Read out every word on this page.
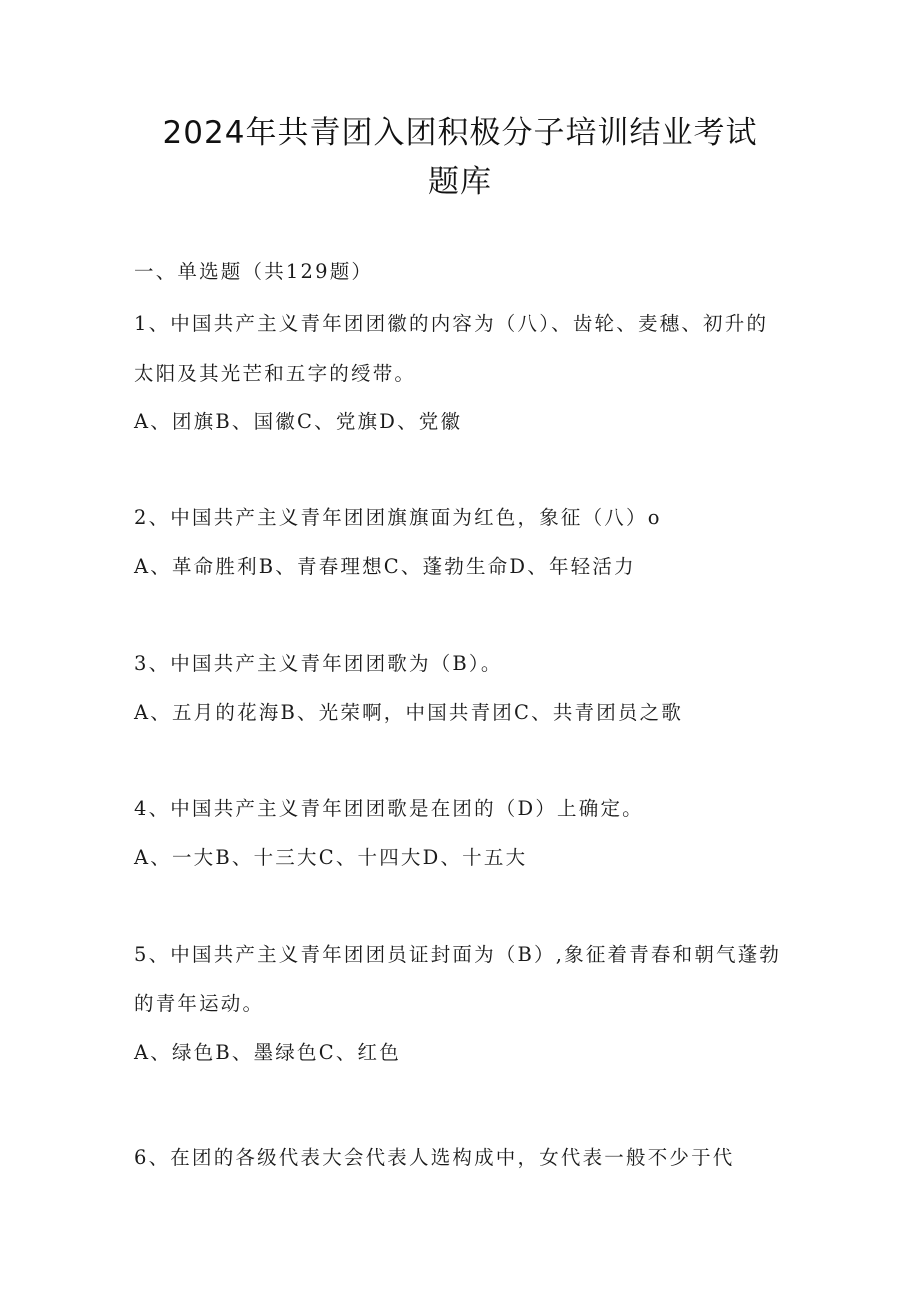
2024年共青团入团积极分子培训结业考试
题库
一、单选题（共129题）
1、中国共产主义青年团团徽的内容为（八）、齿轮、麦穗、初升的
太阳及其光芒和五字的绶带。
A、团旗B、国徽C、党旗D、党徽
2、中国共产主义青年团团旗旗面为红色，象征（八）o
A、革命胜利B、青春理想C、蓬勃生命D、年轻活力
3、中国共产主义青年团团歌为（B）。
A、五月的花海B、光荣啊，中国共青团C、共青团员之歌
4、中国共产主义青年团团歌是在团的（D）上确定。
A、一大B、十三大C、十四大D、十五大
5、中国共产主义青年团团员证封面为（B）,象征着青春和朝气蓬勃
的青年运动。
A、绿色B、墨绿色C、红色
6、在团的各级代表大会代表人选构成中，女代表一般不少于代
